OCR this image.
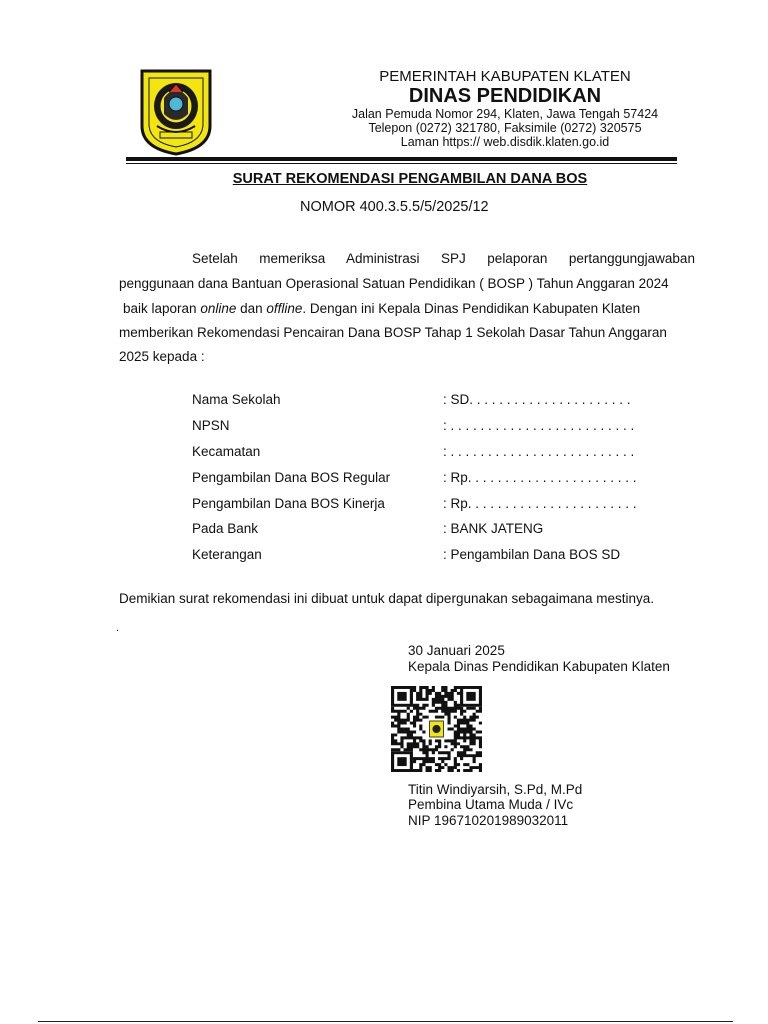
PEMERINTAH KABUPATEN KLATEN
DINAS PENDIDIKAN
Jalan Pemuda Nomor 294, Klaten, Jawa Tengah 57424
Telepon (0272) 321780, Faksimile (0272) 320575
Laman https:// web.disdik.klaten.go.id
SURAT REKOMENDASI PENGAMBILAN DANA BOS
NOMOR 400.3.5.5/5/2025/12
Setelah memeriksa Administrasi SPJ pelaporan pertanggungjawaban
penggunaan dana Bantuan Operasional Satuan Pendidikan ( BOSP ) Tahun Anggaran 2024
baik laporan online dan offline. Dengan ini Kepala Dinas Pendidikan Kabupaten Klaten
memberikan Rekomendasi Pencairan Dana BOSP Tahap 1 Sekolah Dasar Tahun Anggaran
2025 kepada :
Nama Sekolah	: SD. . . . . . . . . . . . . . . . . . . . . .
NPSN	: . . . . . . . . . . . . . . . . . . . . . . . . .
Kecamatan	: . . . . . . . . . . . . . . . . . . . . . . . . .
Pengambilan Dana BOS Regular	: Rp. . . . . . . . . . . . . . . . . . . . . . .
Pengambilan Dana BOS Kinerja	: Rp. . . . . . . . . . . . . . . . . . . . . . .
Pada Bank	: BANK JATENG
Keterangan	: Pengambilan Dana BOS SD
Demikian surat rekomendasi ini dibuat untuk dapat dipergunakan sebagaimana mestinya.
.
30 Januari 2025
Kepala Dinas Pendidikan Kabupaten Klaten
Titin Windiyarsih, S.Pd, M.Pd
Pembina Utama Muda / IVc
NIP 196710201989032011
